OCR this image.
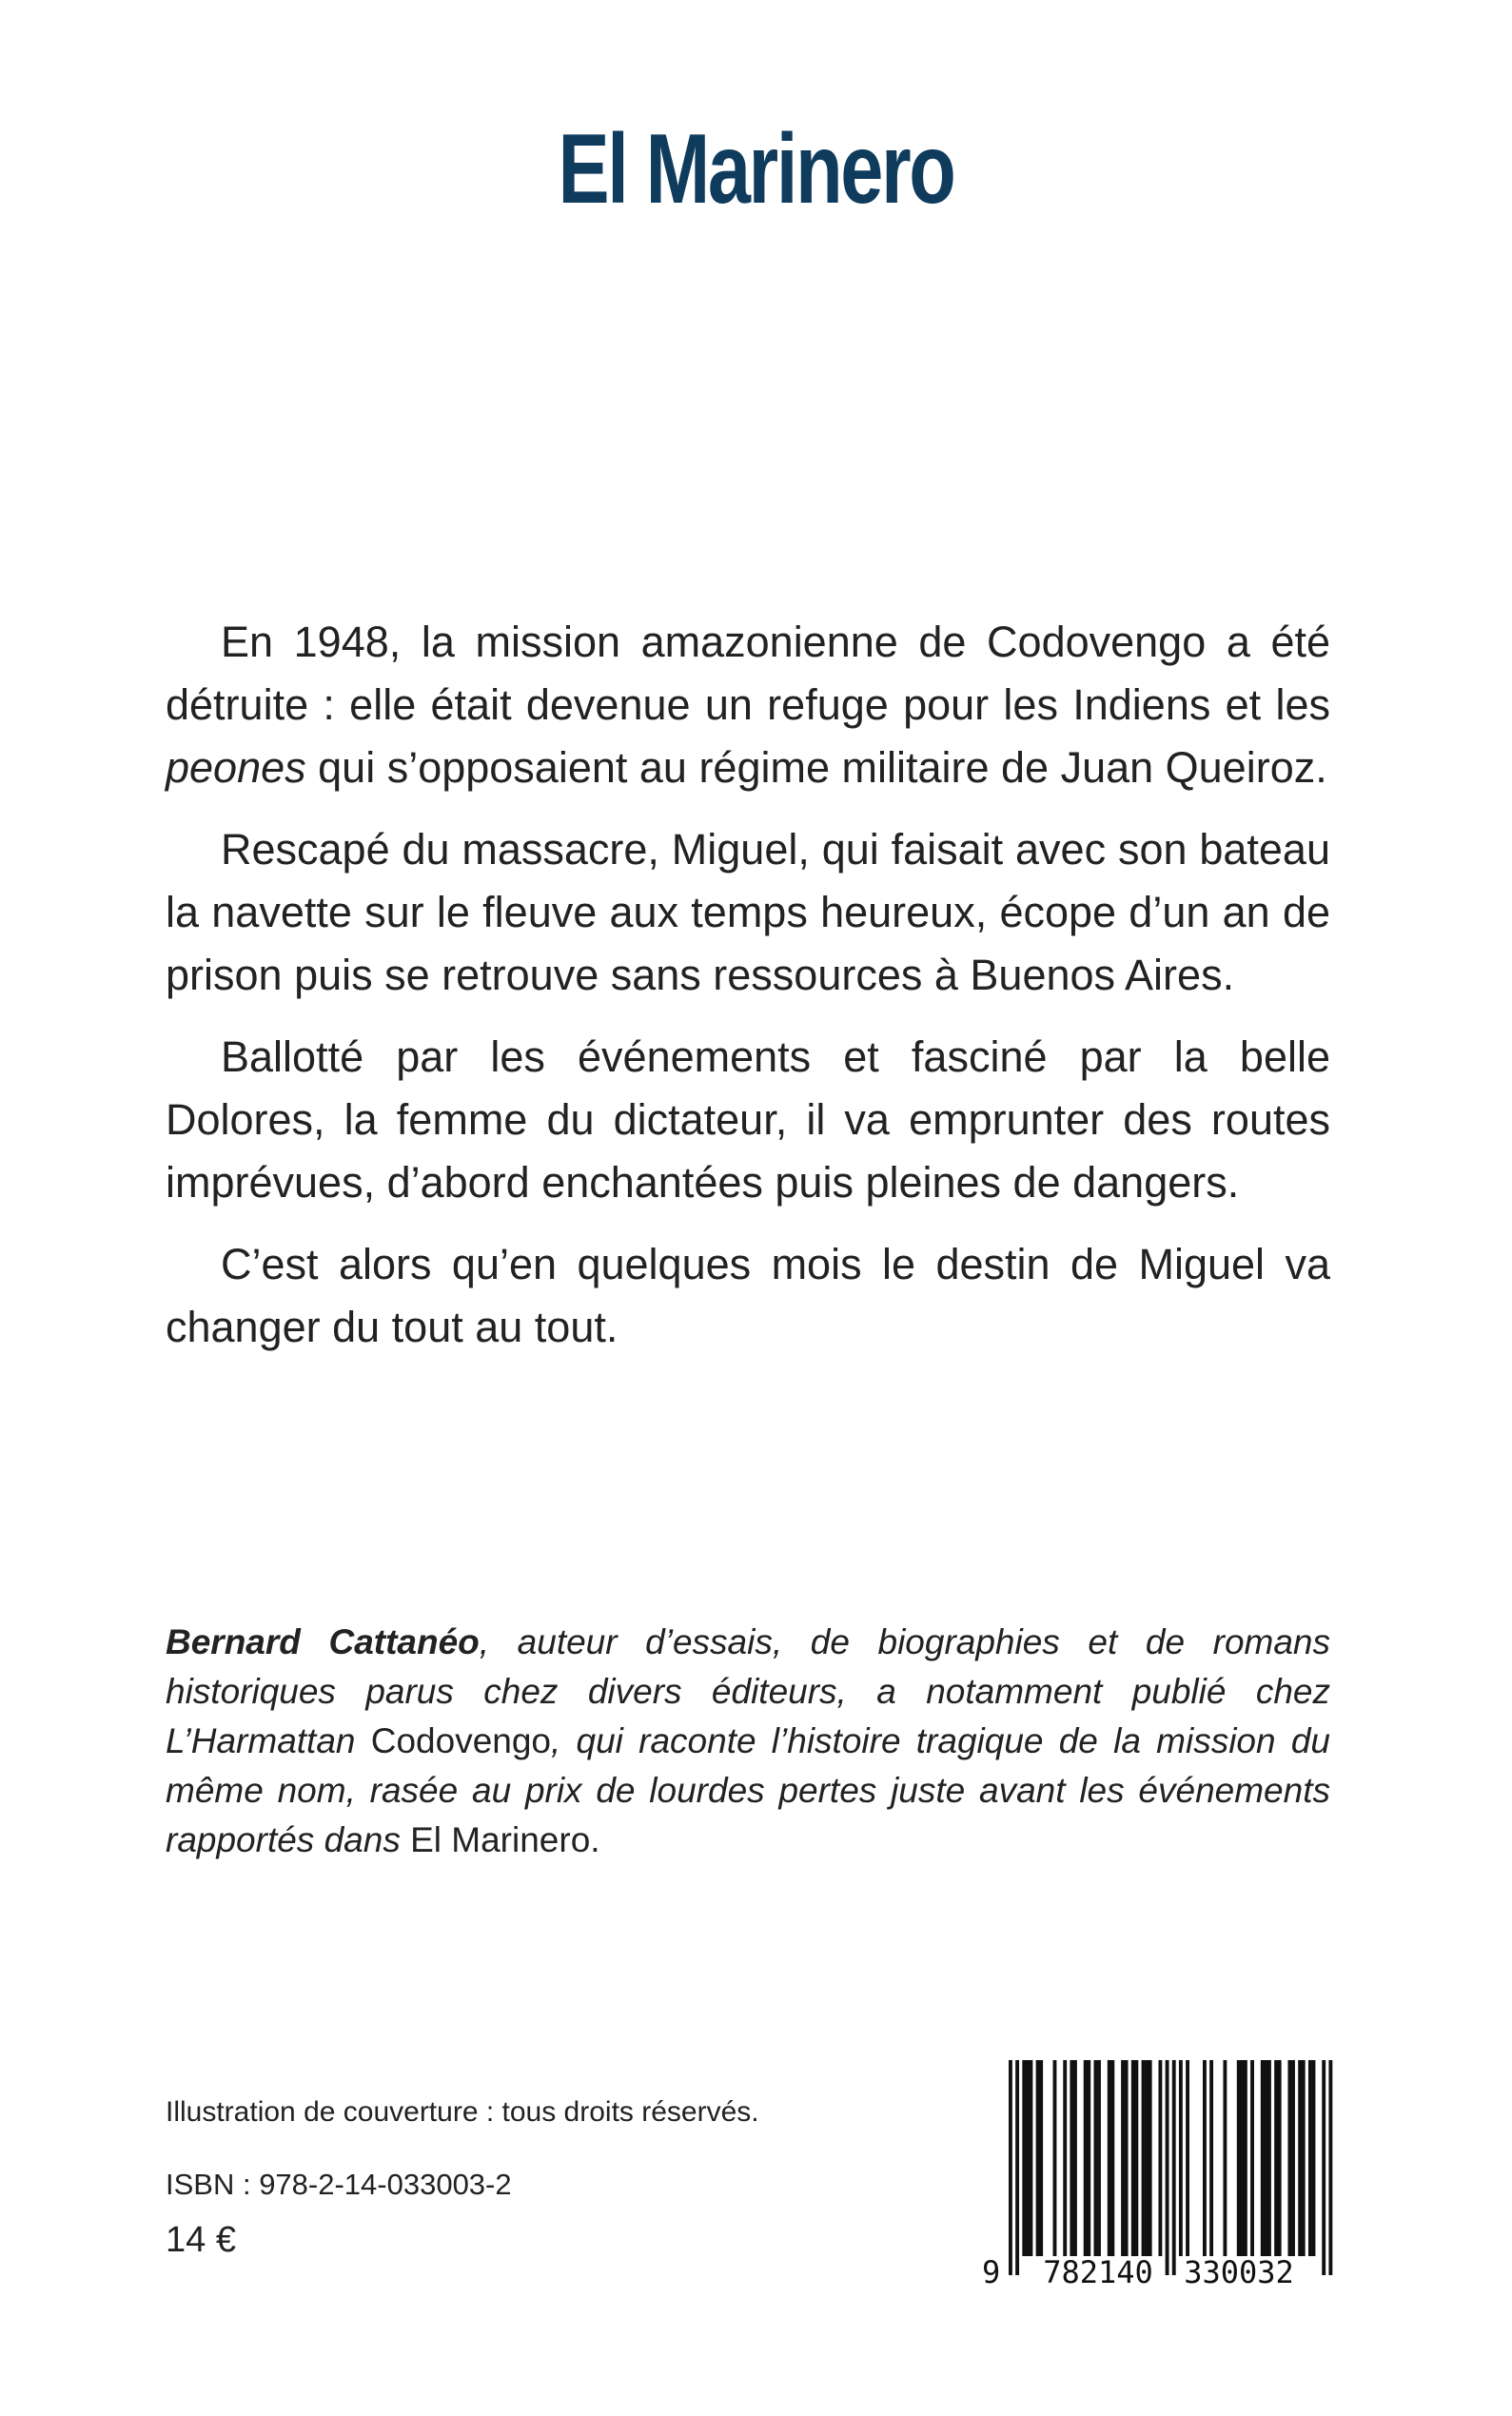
El Marinero

En 1948, la mission amazonienne de Codovengo a été détruite : elle était devenue un refuge pour les Indiens et les peones qui s’opposaient au régime militaire de Juan Queiroz.

Rescapé du massacre, Miguel, qui faisait avec son bateau la navette sur le fleuve aux temps heureux, écope d’un an de prison puis se retrouve sans ressources à Buenos Aires.

Ballotté par les événements et fasciné par la belle Dolores, la femme du dictateur, il va emprunter des routes imprévues, d’abord enchantées puis pleines de dangers.

C’est alors qu’en quelques mois le destin de Miguel va changer du tout au tout.

Bernard Cattanéo, auteur d’essais, de biographies et de romans historiques parus chez divers éditeurs, a notamment publié chez L’Harmattan Codovengo, qui raconte l’histoire tragique de la mission du même nom, rasée au prix de lourdes pertes juste avant les événements rapportés dans El Marinero.

Illustration de couverture : tous droits réservés.

ISBN : 978-2-14-033003-2

14 €

9 782140 330032
